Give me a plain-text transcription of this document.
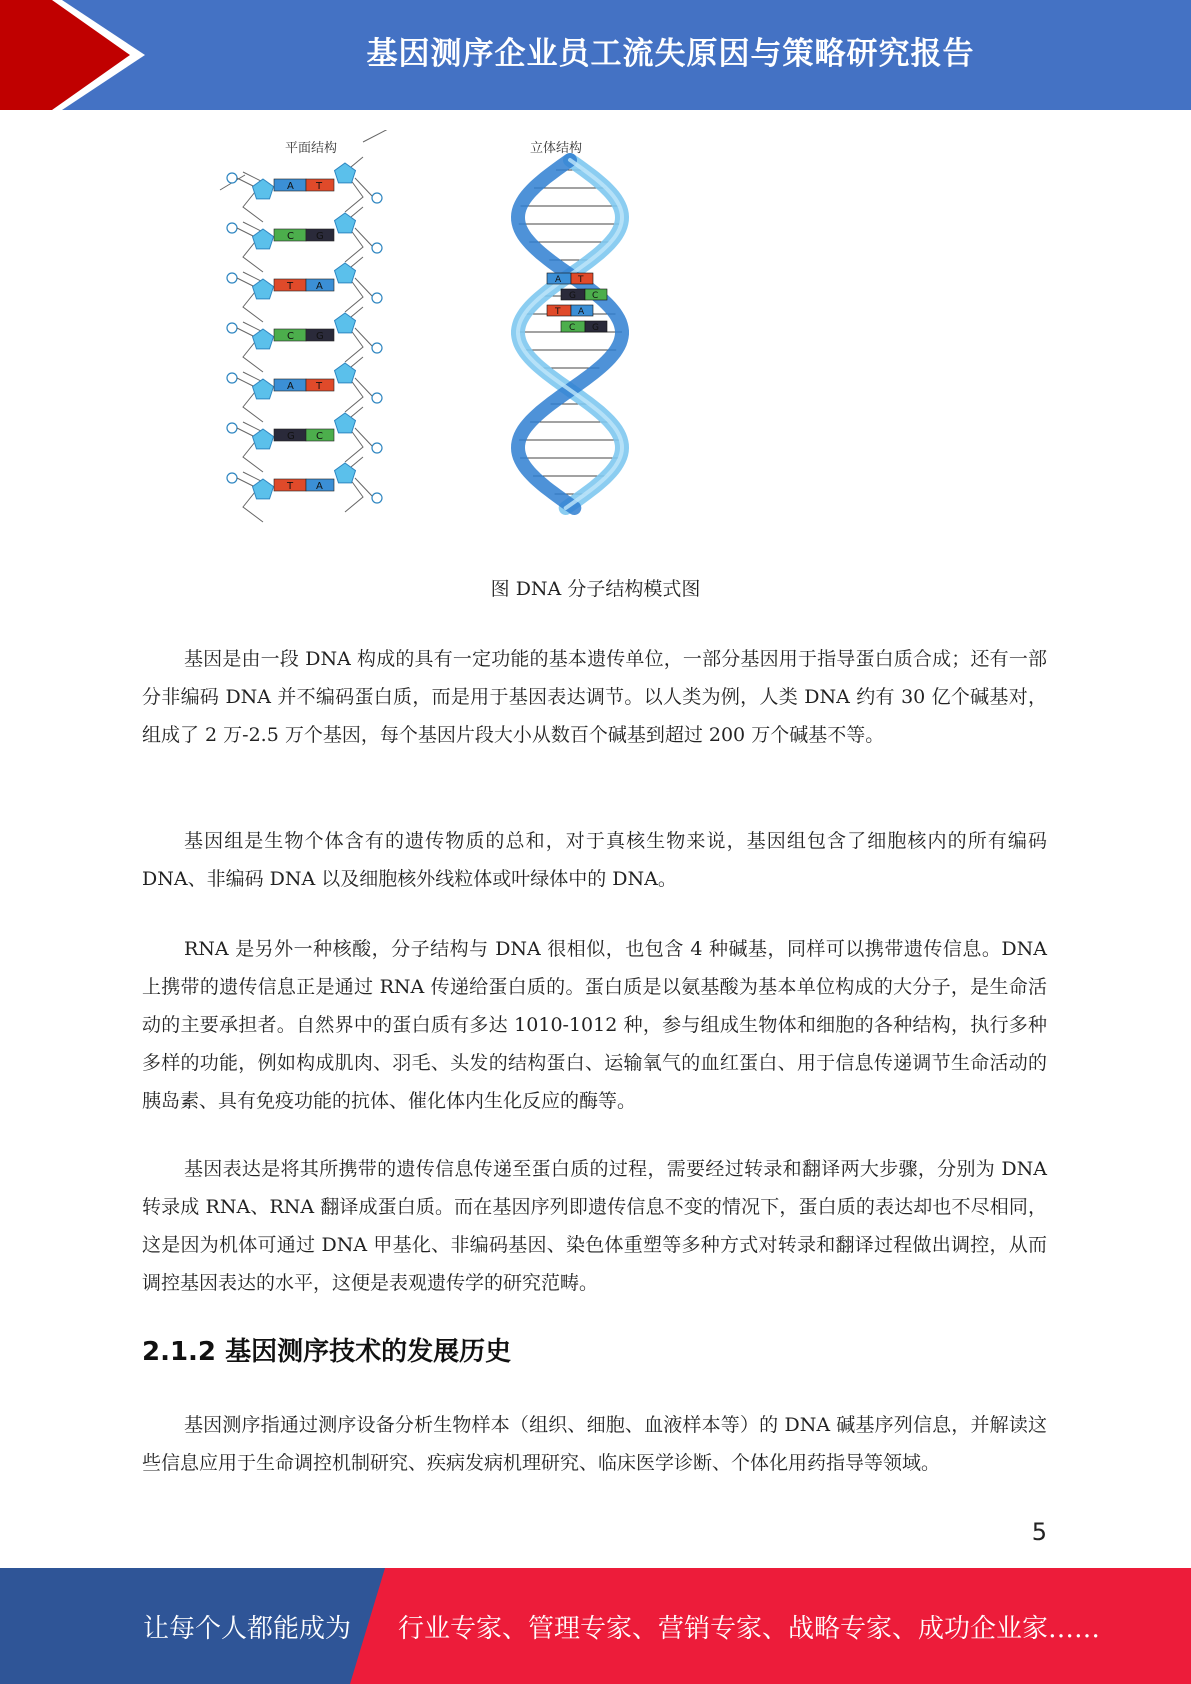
基因测序企业员工流失原因与策略研究报告
平面结构	立体结构
A T
C G
T A
C G
A T
G C
T A
A T
G C
T A
C G
图 DNA 分子结构模式图

基因是由一段 DNA 构成的具有一定功能的基本遗传单位，一部分基因用于指导蛋白质合成；还有一部分非编码 DNA 并不编码蛋白质，而是用于基因表达调节。以人类为例，人类 DNA 约有 30 亿个碱基对，组成了 2 万-2.5 万个基因，每个基因片段大小从数百个碱基到超过 200 万个碱基不等。

基因组是生物个体含有的遗传物质的总和，对于真核生物来说，基因组包含了细胞核内的所有编码 DNA、非编码 DNA 以及细胞核外线粒体或叶绿体中的 DNA。

RNA 是另外一种核酸，分子结构与 DNA 很相似，也包含 4 种碱基，同样可以携带遗传信息。DNA 上携带的遗传信息正是通过 RNA 传递给蛋白质的。蛋白质是以氨基酸为基本单位构成的大分子，是生命活动的主要承担者。自然界中的蛋白质有多达 1010-1012 种，参与组成生物体和细胞的各种结构，执行多种多样的功能，例如构成肌肉、羽毛、头发的结构蛋白、运输氧气的血红蛋白、用于信息传递调节生命活动的胰岛素、具有免疫功能的抗体、催化体内生化反应的酶等。

基因表达是将其所携带的遗传信息传递至蛋白质的过程，需要经过转录和翻译两大步骤，分别为 DNA 转录成 RNA、RNA 翻译成蛋白质。而在基因序列即遗传信息不变的情况下，蛋白质的表达却也不尽相同，这是因为机体可通过 DNA 甲基化、非编码基因、染色体重塑等多种方式对转录和翻译过程做出调控，从而调控基因表达的水平，这便是表观遗传学的研究范畴。

2.1.2 基因测序技术的发展历史

基因测序指通过测序设备分析生物样本（组织、细胞、血液样本等）的 DNA 碱基序列信息，并解读这些信息应用于生命调控机制研究、疾病发病机理研究、临床医学诊断、个体化用药指导等领域。

5
让每个人都能成为 行业专家、管理专家、营销专家、战略专家、成功企业家……
